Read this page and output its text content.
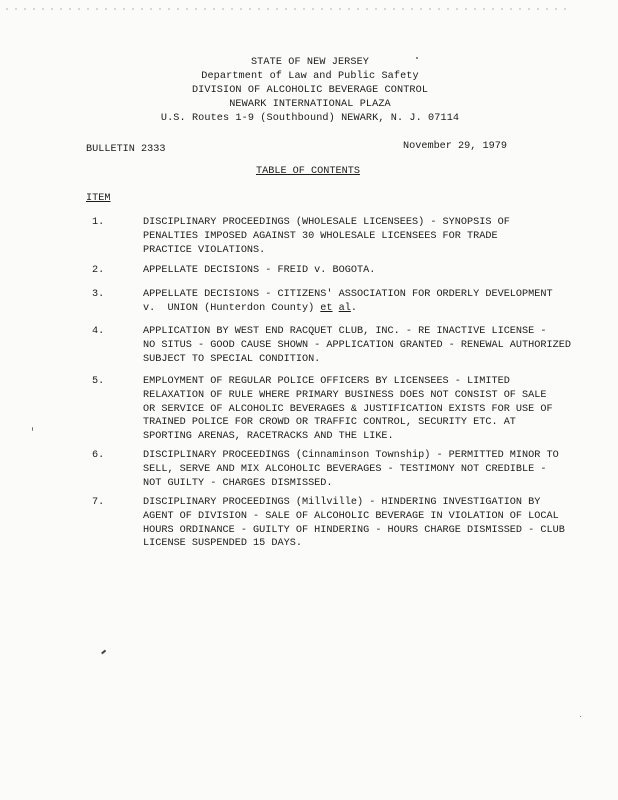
STATE OF NEW JERSEY
Department of Law and Public Safety
DIVISION OF ALCOHOLIC BEVERAGE CONTROL
NEWARK INTERNATIONAL PLAZA
U.S. Routes 1-9 (Southbound) NEWARK, N. J. 07114
BULLETIN 2333	November 29, 1979
TABLE OF CONTENTS
ITEM
1.	DISCIPLINARY PROCEEDINGS (WHOLESALE LICENSEES) - SYNOPSIS OF
PENALTIES IMPOSED AGAINST 30 WHOLESALE LICENSEES FOR TRADE
PRACTICE VIOLATIONS.
2.	APPELLATE DECISIONS - FREID v. BOGOTA.
3.	APPELLATE DECISIONS - CITIZENS' ASSOCIATION FOR ORDERLY DEVELOPMENT
v.  UNION (Hunterdon County) et al.
4.	APPLICATION BY WEST END RACQUET CLUB, INC. - RE INACTIVE LICENSE -
NO SITUS - GOOD CAUSE SHOWN - APPLICATION GRANTED - RENEWAL AUTHORIZED
SUBJECT TO SPECIAL CONDITION.
5.	EMPLOYMENT OF REGULAR POLICE OFFICERS BY LICENSEES - LIMITED
RELAXATION OF RULE WHERE PRIMARY BUSINESS DOES NOT CONSIST OF SALE
OR SERVICE OF ALCOHOLIC BEVERAGES & JUSTIFICATION EXISTS FOR USE OF
TRAINED POLICE FOR CROWD OR TRAFFIC CONTROL, SECURITY ETC. AT
SPORTING ARENAS, RACETRACKS AND THE LIKE.
6.	DISCIPLINARY PROCEEDINGS (Cinnaminson Township) - PERMITTED MINOR TO
SELL, SERVE AND MIX ALCOHOLIC BEVERAGES - TESTIMONY NOT CREDIBLE -
NOT GUILTY - CHARGES DISMISSED.
7.	DISCIPLINARY PROCEEDINGS (Millville) - HINDERING INVESTIGATION BY
AGENT OF DIVISION - SALE OF ALCOHOLIC BEVERAGE IN VIOLATION OF LOCAL
HOURS ORDINANCE - GUILTY OF HINDERING - HOURS CHARGE DISMISSED - CLUB
LICENSE SUSPENDED 15 DAYS.
